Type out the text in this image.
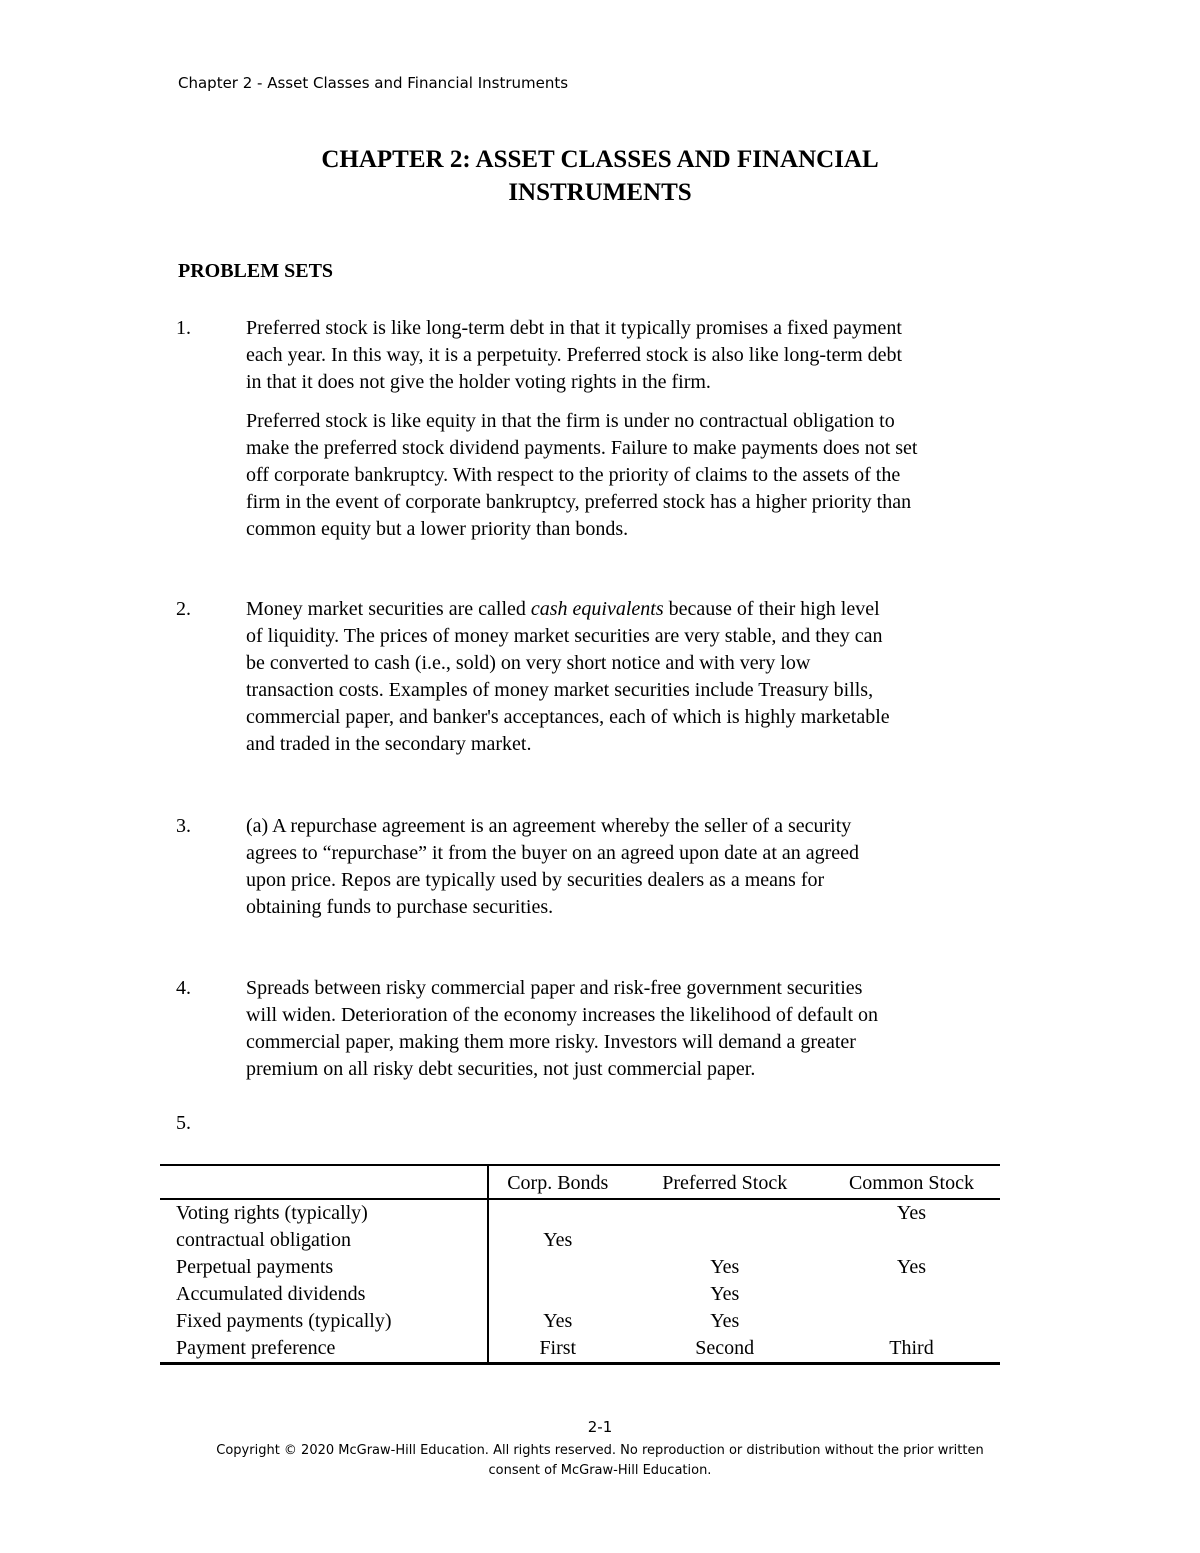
Chapter 2 - Asset Classes and Financial Instruments
CHAPTER 2: ASSET CLASSES AND FINANCIAL
INSTRUMENTS
PROBLEM SETS
1.	Preferred stock is like long-term debt in that it typically promises a fixed payment
each year. In this way, it is a perpetuity. Preferred stock is also like long-term debt
in that it does not give the holder voting rights in the firm.
Preferred stock is like equity in that the firm is under no contractual obligation to
make the preferred stock dividend payments. Failure to make payments does not set
off corporate bankruptcy. With respect to the priority of claims to the assets of the
firm in the event of corporate bankruptcy, preferred stock has a higher priority than
common equity but a lower priority than bonds.
2.	Money market securities are called cash equivalents because of their high level
of liquidity. The prices of money market securities are very stable, and they can
be converted to cash (i.e., sold) on very short notice and with very low
transaction costs. Examples of money market securities include Treasury bills,
commercial paper, and banker's acceptances, each of which is highly marketable
and traded in the secondary market.
3.	(a) A repurchase agreement is an agreement whereby the seller of a security
agrees to “repurchase” it from the buyer on an agreed upon date at an agreed
upon price. Repos are typically used by securities dealers as a means for
obtaining funds to purchase securities.
4.	Spreads between risky commercial paper and risk-free government securities
will widen. Deterioration of the economy increases the likelihood of default on
commercial paper, making them more risky. Investors will demand a greater
premium on all risky debt securities, not just commercial paper.
5.
	Corp. Bonds	Preferred Stock	Common Stock
Voting rights (typically)			Yes
contractual obligation	Yes		
Perpetual payments		Yes	Yes
Accumulated dividends		Yes	
Fixed payments (typically)	Yes	Yes	
Payment preference	First	Second	Third
2-1
Copyright © 2020 McGraw-Hill Education. All rights reserved. No reproduction or distribution without the prior written
consent of McGraw-Hill Education.
